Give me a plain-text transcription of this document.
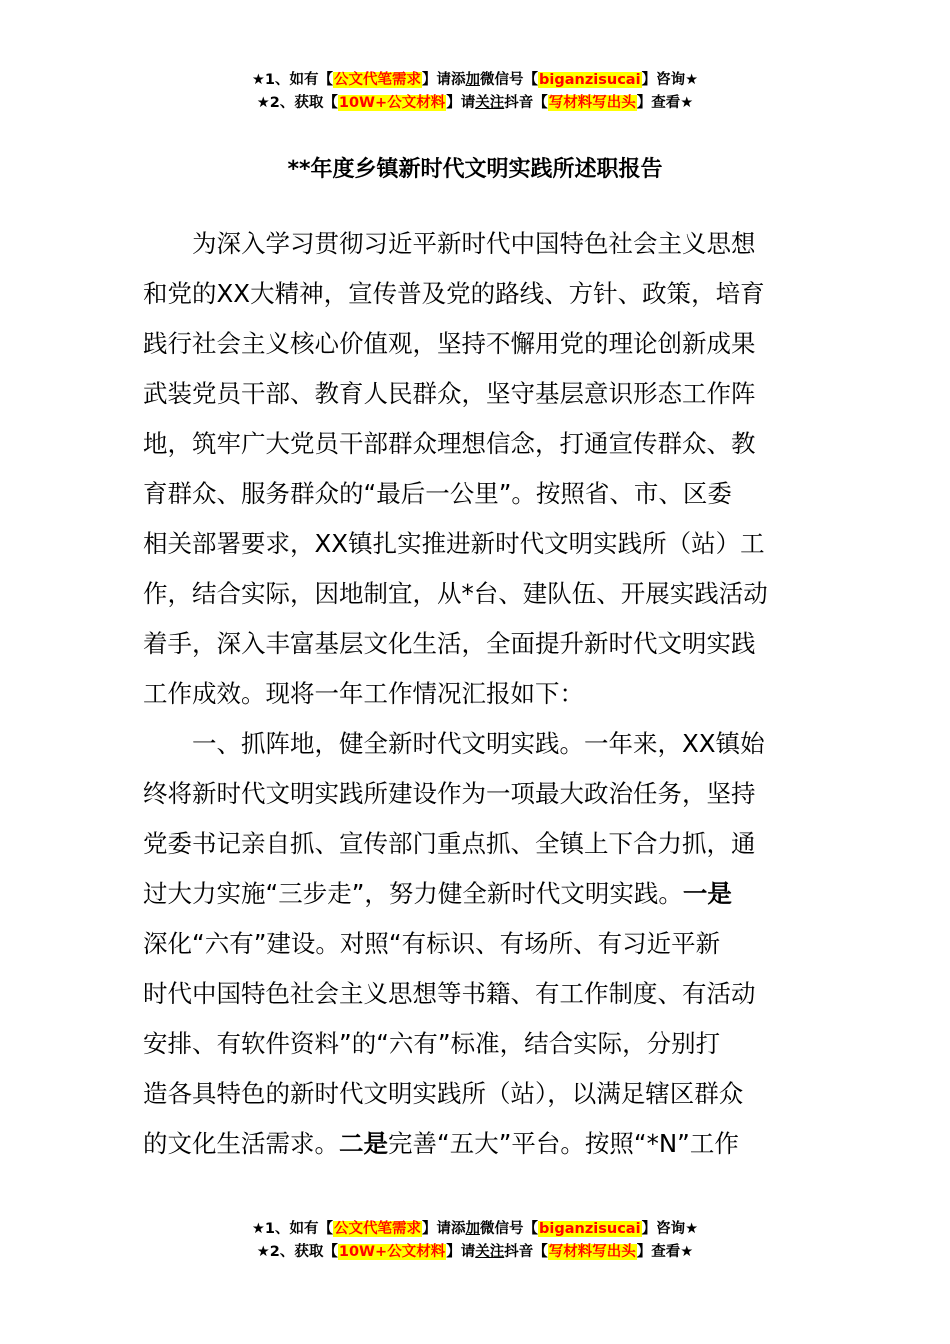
★1、如有【公文代笔需求】请添加微信号【biganzisucai】咨询★
★2、获取【10W+公文材料】请关注抖音【写材料写出头】查看★
**年度乡镇新时代文明实践所述职报告
为深入学习贯彻习近平新时代中国特色社会主义思想
和党的XX大精神，宣传普及党的路线、方针、政策，培育
践行社会主义核心价值观，坚持不懈用党的理论创新成果
武装党员干部、教育人民群众，坚守基层意识形态工作阵
地，筑牢广大党员干部群众理想信念，打通宣传群众、教
育群众、服务群众的“最后一公里”。按照省、市、区委
相关部署要求，XX镇扎实推进新时代文明实践所（站）工
作，结合实际，因地制宜，从*台、建队伍、开展实践活动
着手，深入丰富基层文化生活，全面提升新时代文明实践
工作成效。现将一年工作情况汇报如下：
一、抓阵地，健全新时代文明实践。一年来，XX镇始
终将新时代文明实践所建设作为一项最大政治任务，坚持
党委书记亲自抓、宣传部门重点抓、全镇上下合力抓，通
过大力实施“三步走”，努力健全新时代文明实践。一是
深化“六有”建设。对照“有标识、有场所、有习近平新
时代中国特色社会主义思想等书籍、有工作制度、有活动
安排、有软件资料”的“六有”标准，结合实际，分别打
造各具特色的新时代文明实践所（站），以满足辖区群众
的文化生活需求。二是完善“五大”平台。按照“*N”工作
★1、如有【公文代笔需求】请添加微信号【biganzisucai】咨询★
★2、获取【10W+公文材料】请关注抖音【写材料写出头】查看★
